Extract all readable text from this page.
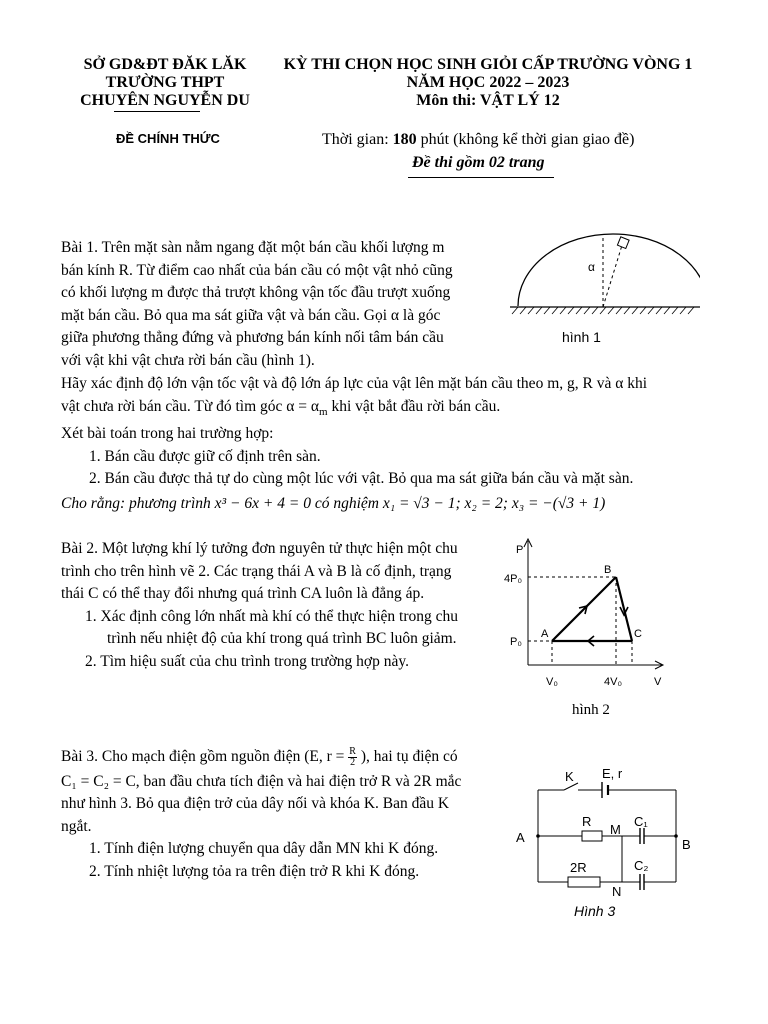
SỞ GD&ĐT ĐĂK LĂK
TRƯỜNG THPT
CHUYÊN NGUYỄN DU
KỲ THI CHỌN HỌC SINH GIỎI CẤP TRƯỜNG VÒNG 1
NĂM HỌC 2022 – 2023
Môn thi: VẬT LÝ 12
ĐỀ CHÍNH THỨC	Thời gian: 180 phút (không kể thời gian giao đề)
Đề thi gồm 02 trang
Bài 1. Trên mặt sàn nằm ngang đặt một bán cầu khối lượng m
bán kính R. Từ điểm cao nhất của bán cầu có một vật nhỏ cũng
có khối lượng m được thả trượt không vận tốc đầu trượt xuống
mặt bán cầu. Bỏ qua ma sát giữa vật và bán cầu. Gọi α là góc
giữa phương thẳng đứng và phương bán kính nối tâm bán cầu
với vật khi vật chưa rời bán cầu (hình 1).
α
hình 1
Hãy xác định độ lớn vận tốc vật và độ lớn áp lực của vật lên mặt bán cầu theo m, g, R và α khi
vật chưa rời bán cầu. Từ đó tìm góc $\alpha = \alpha_m$ khi vật bắt đầu rời bán cầu.
Xét bài toán trong hai trường hợp:
1. Bán cầu được giữ cố định trên sàn.
2. Bán cầu được thả tự do cùng một lúc với vật. Bỏ qua ma sát giữa bán cầu và mặt sàn.
Cho rằng: phương trình x³ − 6x + 4 = 0 có nghiệm x₁ = √3 − 1; x₂ = 2; x₃ = −(√3 + 1)
Bài 2. Một lượng khí lý tưởng đơn nguyên tử thực hiện một chu
trình cho trên hình vẽ 2. Các trạng thái A và B là cố định, trạng
thái C có thể thay đổi nhưng quá trình CA luôn là đẳng áp.
1. Xác định công lớn nhất mà khí có thể thực hiện trong chu
trình nếu nhiệt độ của khí trong quá trình BC luôn giảm.
2. Tìm hiệu suất của chu trình trong trường hợp này.
P
V
4P₀
P₀
V₀	4V₀
A
B
C
hình 2
Bài 3. Cho mạch điện gồm nguồn điện (E, $r = \frac{R}{2}$ ), hai tụ điện có
C₁ = C₂ = C, ban đầu chưa tích điện và hai điện trở R và 2R mắc
như hình 3. Bỏ qua điện trở của dây nối và khóa K. Ban đầu K
ngắt.
1. Tính điện lượng chuyển qua dây dẫn MN khi K đóng.
2. Tính nhiệt lượng tỏa ra trên điện trở R khi K đóng.
K E, r
A	B
R
M
C₁
2R	C₂
N
Hình 3
